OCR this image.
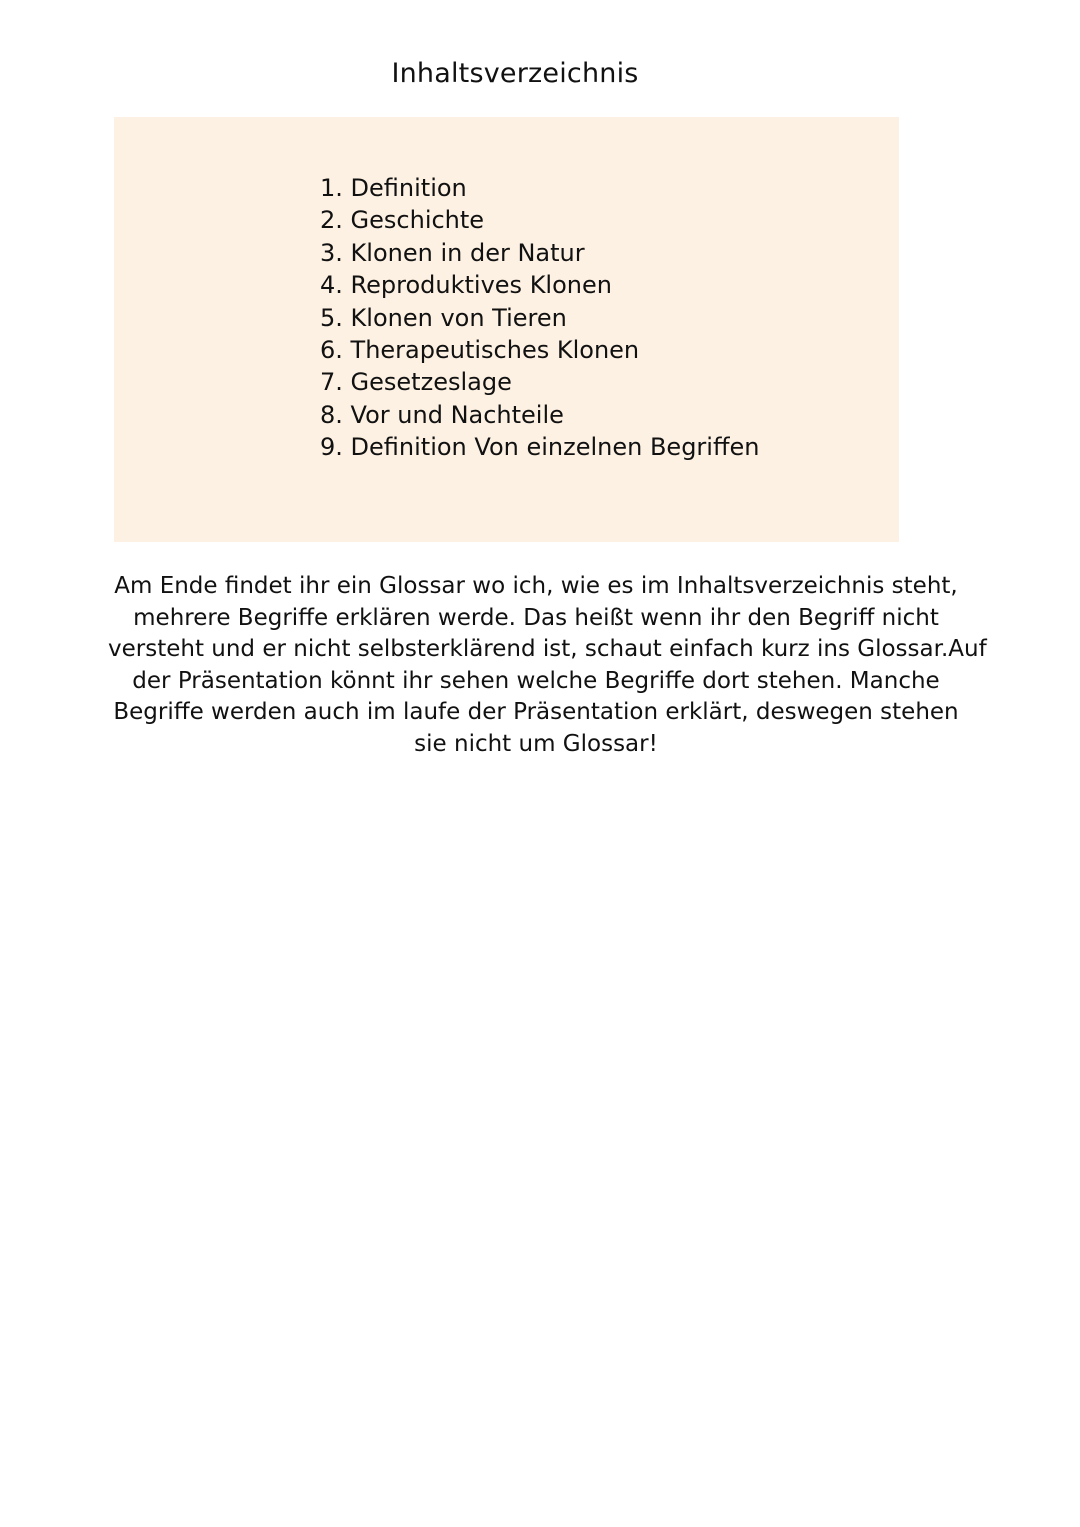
Inhaltsverzeichnis
1. Definition
2. Geschichte
3. Klonen in der Natur
4. Reproduktives Klonen
5. Klonen von Tieren
6. Therapeutisches Klonen
7. Gesetzeslage
8. Vor und Nachteile
9. Definition Von einzelnen Begriffen
Am Ende findet ihr ein Glossar wo ich, wie es im Inhaltsverzeichnis steht,
mehrere Begriffe erklären werde. Das heißt wenn ihr den Begriff nicht
versteht und er nicht selbsterklärend ist, schaut einfach kurz ins Glossar.Auf
der Präsentation könnt ihr sehen welche Begriffe dort stehen. Manche
Begriffe werden auch im laufe der Präsentation erklärt, deswegen stehen
sie nicht um Glossar!
